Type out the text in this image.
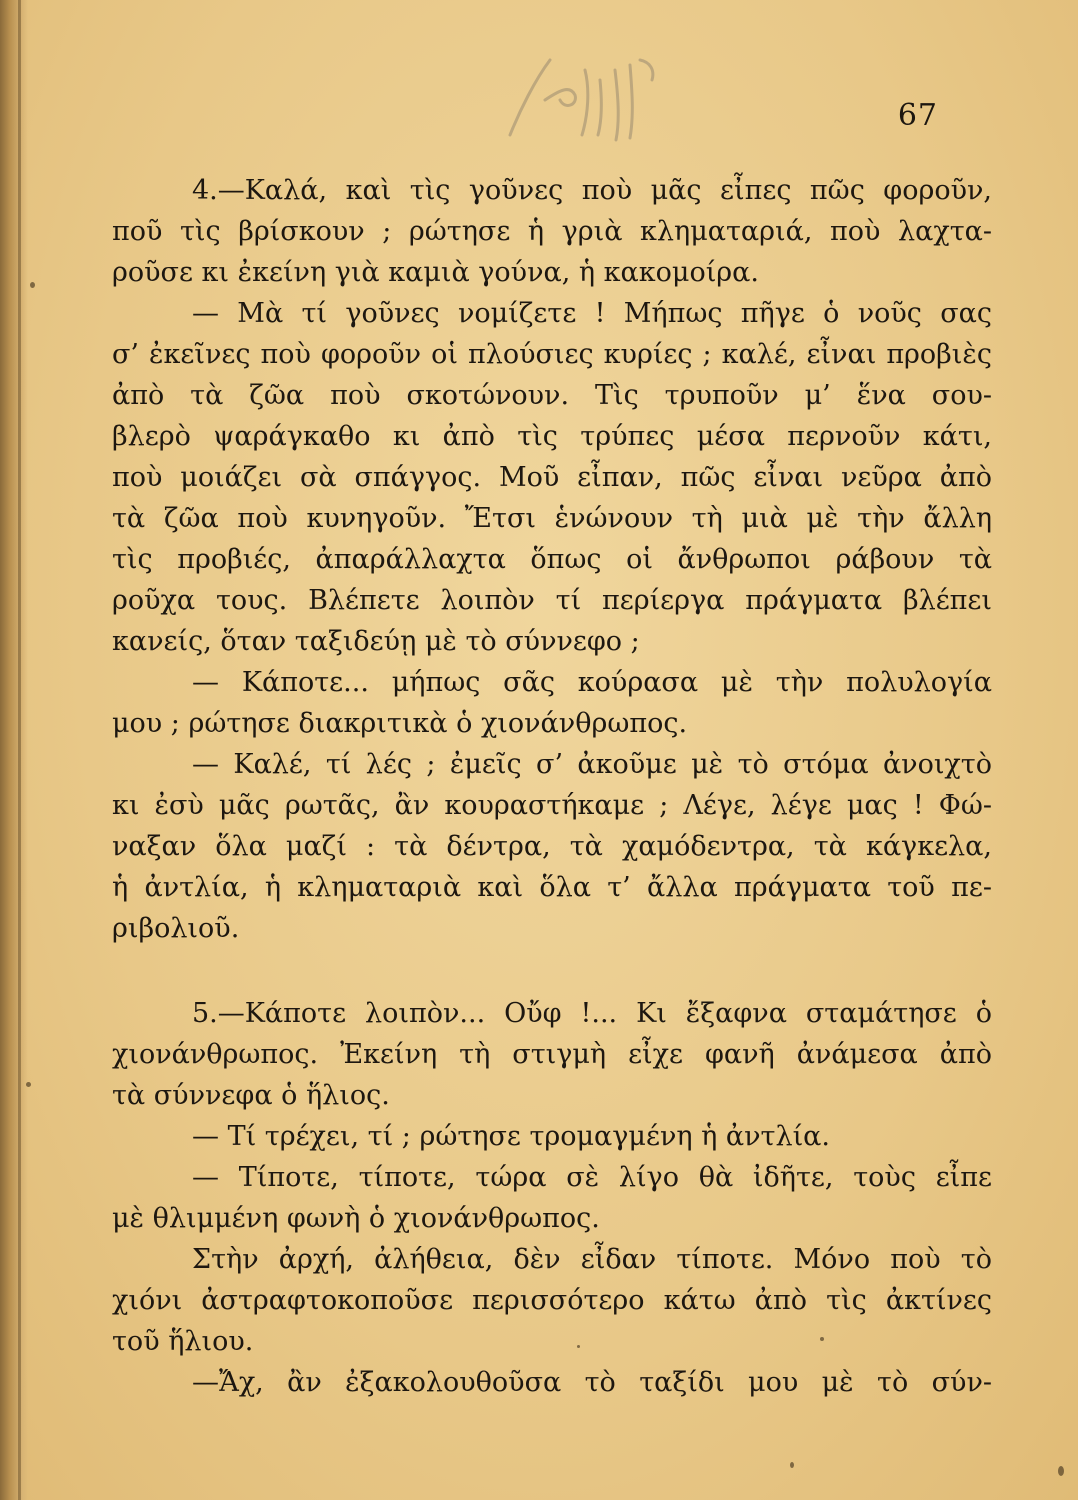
67
4.—Καλά, καὶ τὶς γοῦνες ποὺ μᾶς εἶπες πῶς φοροῦν,
ποῦ τὶς βρίσκουν ; ρώτησε ἡ γριὰ κληματαριά, ποὺ λαχτα-
ροῦσε κι ἐκείνη γιὰ καμιὰ γούνα, ἡ κακομοίρα.
— Μὰ τί γοῦνες νομίζετε ! Μήπως πῆγε ὁ νοῦς σας
σ’ ἐκεῖνες ποὺ φοροῦν οἱ πλούσιες κυρίες ; καλέ, εἶναι προβιὲς
ἀπὸ τὰ ζῶα ποὺ σκοτώνουν. Τὶς τρυποῦν μ’ ἕνα σου-
βλερὸ ψαράγκαθο κι ἀπὸ τὶς τρύπες μέσα περνοῦν κάτι,
ποὺ μοιάζει σὰ σπάγγος. Μοῦ εἶπαν, πῶς εἶναι νεῦρα ἀπὸ
τὰ ζῶα ποὺ κυνηγοῦν. Ἔτσι ἑνώνουν τὴ μιὰ μὲ τὴν ἄλλη
τὶς προβιές, ἀπαράλλαχτα ὅπως οἱ ἄνθρωποι ράβουν τὰ
ροῦχα τους. Βλέπετε λοιπὸν τί περίεργα πράγματα βλέπει
κανείς, ὅταν ταξιδεύῃ μὲ τὸ σύννεφο ;
— Κάποτε... μήπως σᾶς κούρασα μὲ τὴν πολυλογία
μου ; ρώτησε διακριτικὰ ὁ χιονάνθρωπος.
— Καλέ, τί λές ; ἐμεῖς σ’ ἀκοῦμε μὲ τὸ στόμα ἀνοιχτὸ
κι ἐσὺ μᾶς ρωτᾶς, ἂν κουραστήκαμε ; Λέγε, λέγε μας ! Φώ-
ναξαν ὅλα μαζί : τὰ δέντρα, τὰ χαμόδεντρα, τὰ κάγκελα,
ἡ ἀντλία, ἡ κληματαριὰ καὶ ὅλα τ’ ἄλλα πράγματα τοῦ πε-
ριβολιοῦ.
5.—Κάποτε λοιπὸν... Οὔφ !... Κι ἔξαφνα σταμάτησε ὁ
χιονάνθρωπος. Ἐκείνη τὴ στιγμὴ εἶχε φανῆ ἀνάμεσα ἀπὸ
τὰ σύννεφα ὁ ἥλιος.
— Τί τρέχει, τί ; ρώτησε τρομαγμένη ἡ ἀντλία.
— Τίποτε, τίποτε, τώρα σὲ λίγο θὰ ἰδῆτε, τοὺς εἶπε
μὲ θλιμμένη φωνὴ ὁ χιονάνθρωπος.
Στὴν ἀρχή, ἀλήθεια, δὲν εἶδαν τίποτε. Μόνο ποὺ τὸ
χιόνι ἀστραφτοκοποῦσε περισσότερο κάτω ἀπὸ τὶς ἀκτίνες
τοῦ ἥλιου.
—Ἄχ, ἂν ἐξακολουθοῦσα τὸ ταξίδι μου μὲ τὸ σύν-
